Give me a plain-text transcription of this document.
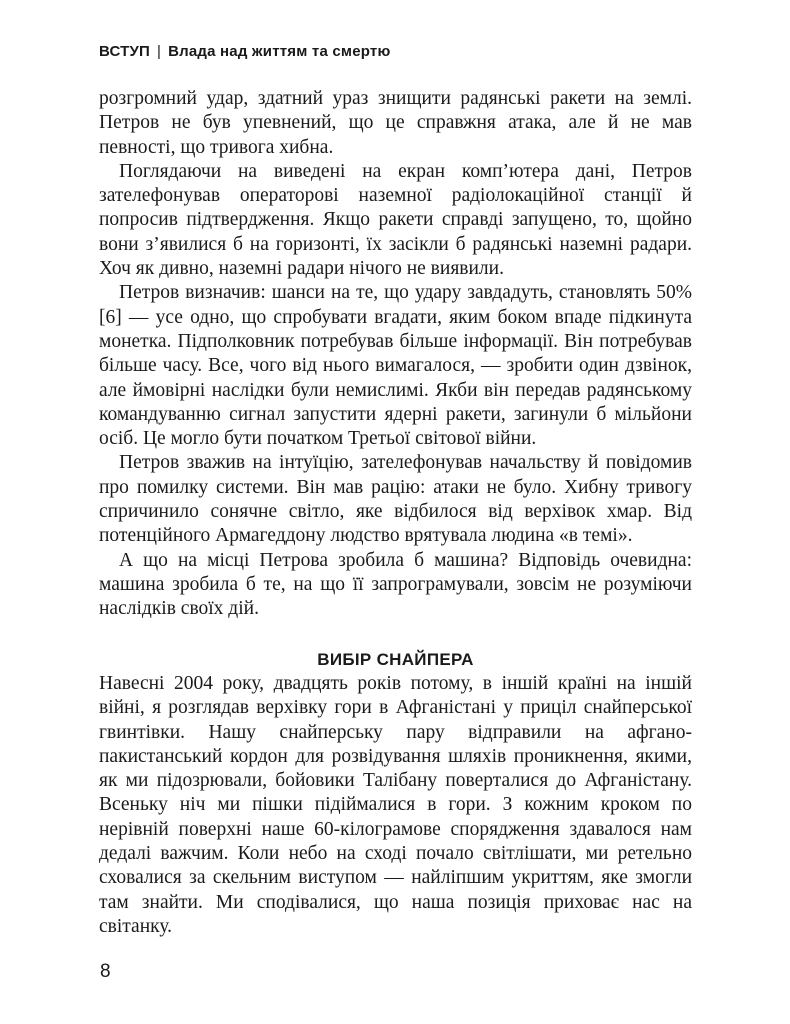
ВСТУП | Влада над життям та смертю

розгромний удар, здатний ураз знищити радянські ракети на землі. Петров не був упевнений, що це справжня атака, але й не мав певності, що тривога хибна.

Поглядаючи на виведені на екран комп’ютера дані, Петров зателефонував операторові наземної радіолокаційної станції й попросив підтвердження. Якщо ракети справді запущено, то, щойно вони з’явилися б на горизонті, їх засікли б радянські наземні радари. Хоч як дивно, наземні радари нічого не виявили.

Петров визначив: шанси на те, що удару завдадуть, становлять 50% [6] — усе одно, що спробувати вгадати, яким боком впаде підкинута монетка. Підполковник потребував більше інформації. Він потребував більше часу. Все, чого від нього вимагалося, — зробити один дзвінок, але ймовірні наслідки були немислимі. Якби він передав радянському командуванню сигнал запустити ядерні ракети, загинули б мільйони осіб. Це могло бути початком Третьої світової війни.

Петров зважив на інтуїцію, зателефонував начальству й повідомив про помилку системи. Він мав рацію: атаки не було. Хибну тривогу спричинило сонячне світло, яке відбилося від верхівок хмар. Від потенційного Армагеддону людство врятувала людина «в темі».

А що на місці Петрова зробила б машина? Відповідь очевидна: машина зробила б те, на що її запрограмували, зовсім не розуміючи наслідків своїх дій.

ВИБІР СНАЙПЕРА

Навесні 2004 року, двадцять років потому, в іншій країні на іншій війні, я розглядав верхівку гори в Афганістані у приціл снайперської гвинтівки. Нашу снайперську пару відправили на афгано-пакистанський кордон для розвідування шляхів проникнення, якими, як ми підозрювали, бойовики Талібану поверталися до Афганістану. Всеньку ніч ми пішки підіймалися в гори. З кожним кроком по нерівній поверхні наше 60-кілограмове спорядження здавалося нам дедалі важчим. Коли небо на сході почало світлішати, ми ретельно сховалися за скельним виступом — найліпшим укриттям, яке змогли там знайти. Ми сподівалися, що наша позиція приховає нас на світанку.

8
